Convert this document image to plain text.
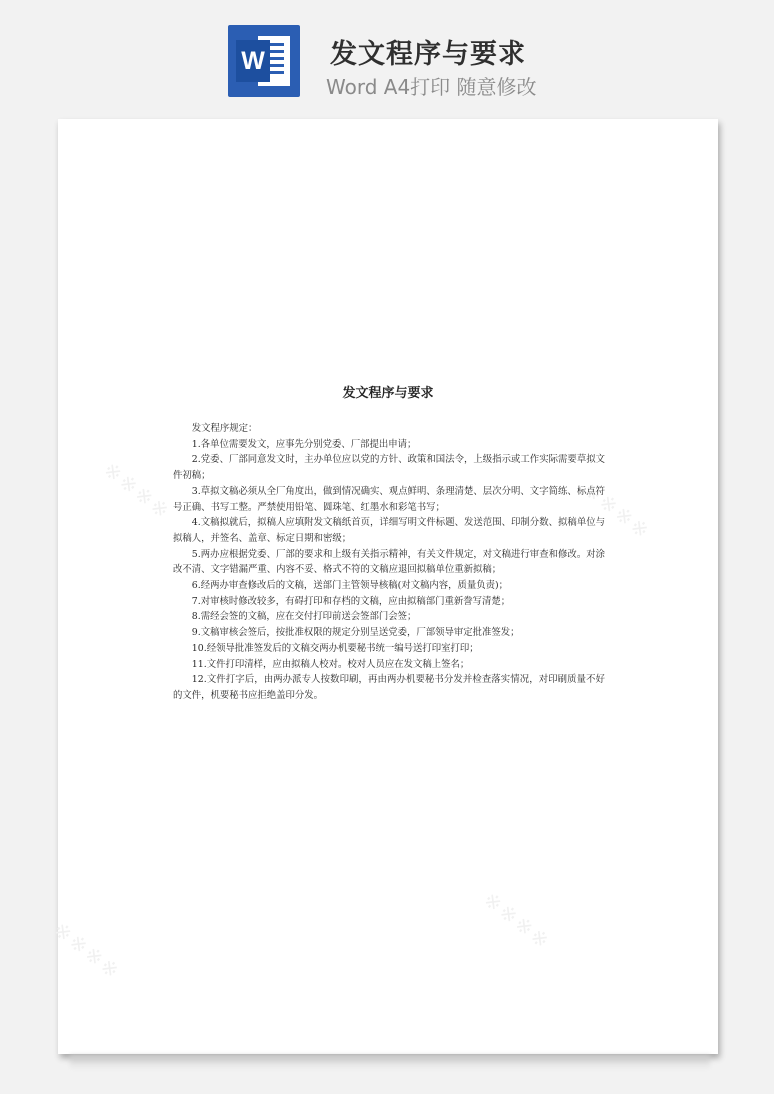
W 发文程序与要求
Word A4打印 随意修改
※※※※	※※※※
※※※※	※※※※
发文程序与要求

发文程序规定：

1.各单位需要发文，应事先分别党委、厂部提出申请；

2.党委、厂部同意发文时，主办单位应以党的方针、政策和国法令，上级指示或工作实际需要草拟文件初稿；

3.草拟文稿必须从全厂角度出，做到情况确实、观点鲜明、条理清楚、层次分明、文字简练、标点符号正确、书写工整。严禁使用铅笔、圆珠笔、红墨水和彩笔书写；

4.文稿拟就后，拟稿人应填附发文稿纸首页，详细写明文件标题、发送范围、印制分数、拟稿单位与拟稿人，并签名、盖章、标定日期和密级；

5.两办应根据党委、厂部的要求和上级有关指示精神，有关文件规定，对文稿进行审查和修改。对涂改不清、文字错漏严重、内容不妥、格式不符的文稿应退回拟稿单位重新拟稿；

6.经两办审查修改后的文稿，送部门主管领导核稿(对文稿内容，质量负责)；

7.对审核时修改较多，有碍打印和存档的文稿，应由拟稿部门重新誊写清楚；

8.需经会签的文稿，应在交付打印前送会签部门会签；

9.文稿审核会签后，按批准权限的规定分别呈送党委，厂部领导审定批准签发；

10.经领导批准签发后的文稿交两办机要秘书统一编号送打印室打印；

11.文件打印清样，应由拟稿人校对。校对人员应在发文稿上签名；

12.文件打字后，由两办派专人按数印刷，再由两办机要秘书分发并检查落实情况，对印刷质量不好的文件，机要秘书应拒绝盖印分发。
